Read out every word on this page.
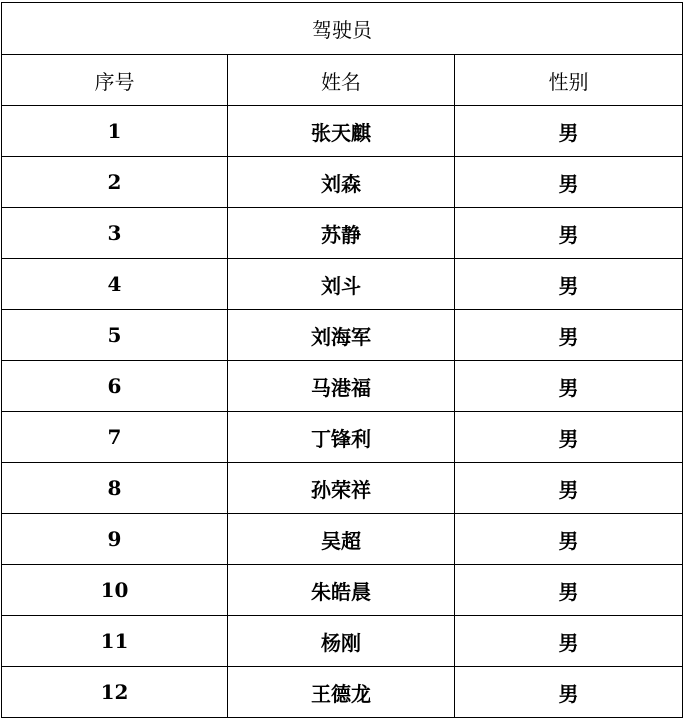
驾驶员		
序号	姓名	性别
1	张天麒	男
2	刘森	男
3	苏静	男
4	刘斗	男
5	刘海军	男
6	马港福	男
7	丁锋利	男
8	孙荣祥	男
9	吴超	男
10	朱皓晨	男
11	杨刚	男
12	王德龙	男
